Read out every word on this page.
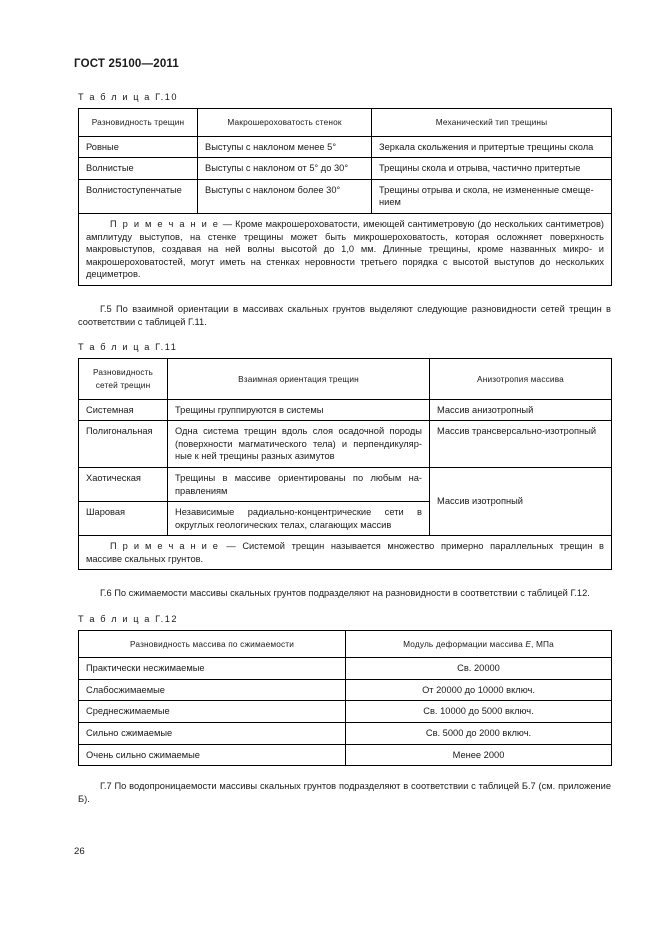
ГОСТ 25100—2011
Т а б л и ц а Г.10
Разновидность трещин	Макрошероховатость стенок	Механический тип трещины
Ровные	Выступы с наклоном менее 5°	Зеркала скольжения и притертые трещины скола
Волнистые	Выступы с наклоном от 5° до 30°	Трещины скола и отрыва, частично притертые
Волнистоступенчатые	Выступы с наклоном более 30°	Трещины отрыва и скола, не измененные смеще-нием
П р и м е ч а н и е — Кроме макрошероховатости, имеющей сантиметровую (до нескольких сантиметров) амплитуду выступов, на стенке трещины может быть микрошероховатость, которая осложняет поверхность макровыступов, создавая на ней волны высотой до 1,0 мм. Длинные трещины, кроме названных микро- и макрошероховатостей, могут иметь на стенках неровности третьего порядка с высотой выступов до нескольких дециметров.		

Г.5 По взаимной ориентации в массивах скальных грунтов выделяют следующие разновидности сетей трещин в соответствии с таблицей Г.11.

Т а б л и ц а Г.11
Разновидность сетей трещин	Взаимная ориентация трещин	Анизотропия массива
Системная	Трещины группируются в системы	Массив анизотропный
Полигональная	Одна система трещин вдоль слоя осадочной породы (поверхности магматического тела) и перпендикуляр-ные к ней трещины разных азимутов	Массив трансверсально-изотропный
Хаотическая	Трещины в массиве ориентированы по любым на-правлениям	Массив изотропный
Шаровая	Независимые радиально-концентрические сети в округлых геологических телах, слагающих массив	
П р и м е ч а н и е — Системой трещин называется множество примерно параллельных трещин в массиве скальных грунтов.		

Г.6 По сжимаемости массивы скальных грунтов подразделяют на разновидности в соответствии с таблицей Г.12.

Т а б л и ц а Г.12
Разновидность массива по сжимаемости	Модуль деформации массива E, МПа
Практически несжимаемые	Св. 20000
Слабосжимаемые	От 20000 до 10000 включ.
Среднесжимаемые	Св. 10000 до 5000 включ.
Сильно сжимаемые	Св. 5000 до 2000 включ.
Очень сильно сжимаемые	Менее 2000

Г.7 По водопроницаемости массивы скальных грунтов подразделяют в соответствии с таблицей Б.7 (см. приложение Б).

26
